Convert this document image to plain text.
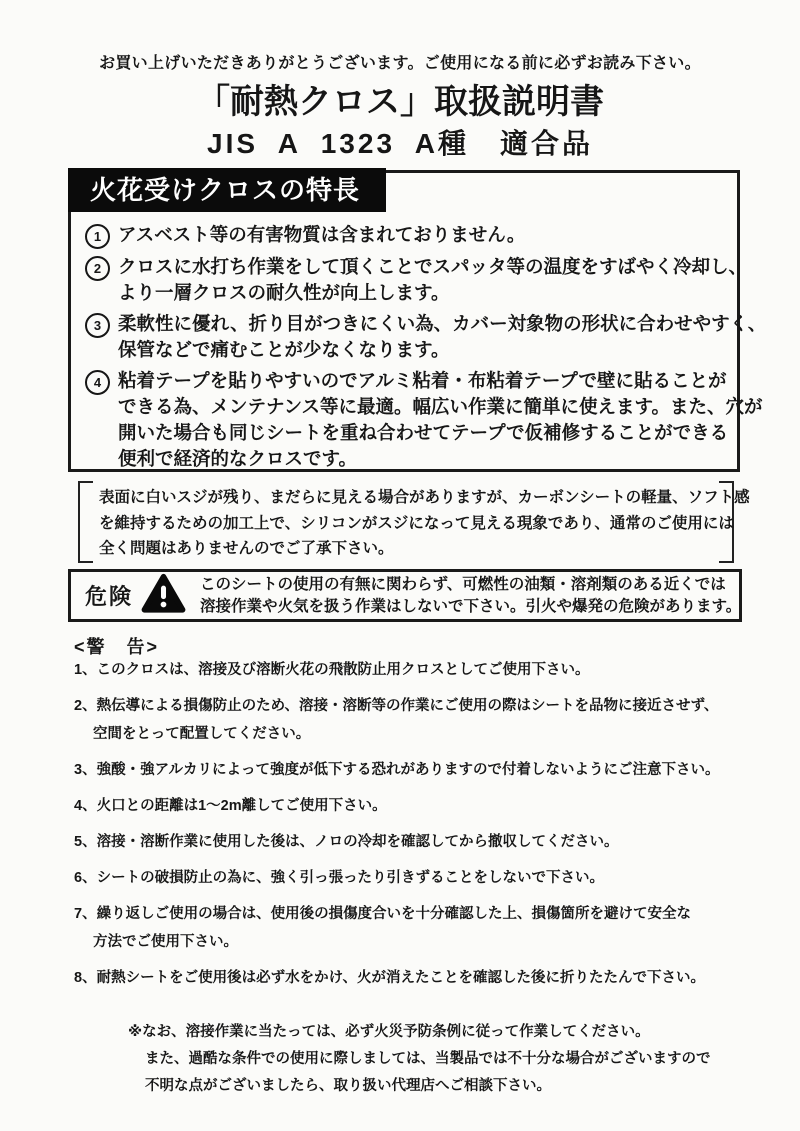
お買い上げいただきありがとうございます。ご使用になる前に必ずお読み下さい。
「耐熱クロス」取扱説明書
JIS A 1323 A種　適合品
火花受けクロスの特長
1 アスベスト等の有害物質は含まれておりません。
2 クロスに水打ち作業をして頂くことでスパッタ等の温度をすばやく冷却し、
より一層クロスの耐久性が向上します。
3 柔軟性に優れ、折り目がつきにくい為、カバー対象物の形状に合わせやすく、
保管などで痛むことが少なくなります。
4 粘着テープを貼りやすいのでアルミ粘着・布粘着テープで壁に貼ることが
できる為、メンテナンス等に最適。幅広い作業に簡単に使えます。また、穴が
開いた場合も同じシートを重ね合わせてテープで仮補修することができる
便利で経済的なクロスです。
表面に白いスジが残り、まだらに見える場合がありますが、カーボンシートの軽量、ソフト感
を維持するための加工上で、シリコンがスジになって見える現象であり、通常のご使用には
全く問題はありませんのでご了承下さい。
危険	このシートの使用の有無に関わらず、可燃性の油類・溶剤類のある近くでは
溶接作業や火気を扱う作業はしないで下さい。引火や爆発の危険があります。
<警　告>
1、このクロスは、溶接及び溶断火花の飛散防止用クロスとしてご使用下さい。
2、熱伝導による損傷防止のため、溶接・溶断等の作業にご使用の際はシートを品物に接近させず、
空間をとって配置してください。
3、強酸・強アルカリによって強度が低下する恐れがありますので付着しないようにご注意下さい。
4、火口との距離は1～2m離してご使用下さい。
5、溶接・溶断作業に使用した後は、ノロの冷却を確認してから撤収してください。
6、シートの破損防止の為に、強く引っ張ったり引きずることをしないで下さい。
7、繰り返しご使用の場合は、使用後の損傷度合いを十分確認した上、損傷箇所を避けて安全な
方法でご使用下さい。
8、耐熱シートをご使用後は必ず水をかけ、火が消えたことを確認した後に折りたたんで下さい。
※なお、溶接作業に当たっては、必ず火災予防条例に従って作業してください。
また、過酷な条件での使用に際しましては、当製品では不十分な場合がございますので
不明な点がございましたら、取り扱い代理店へご相談下さい。
